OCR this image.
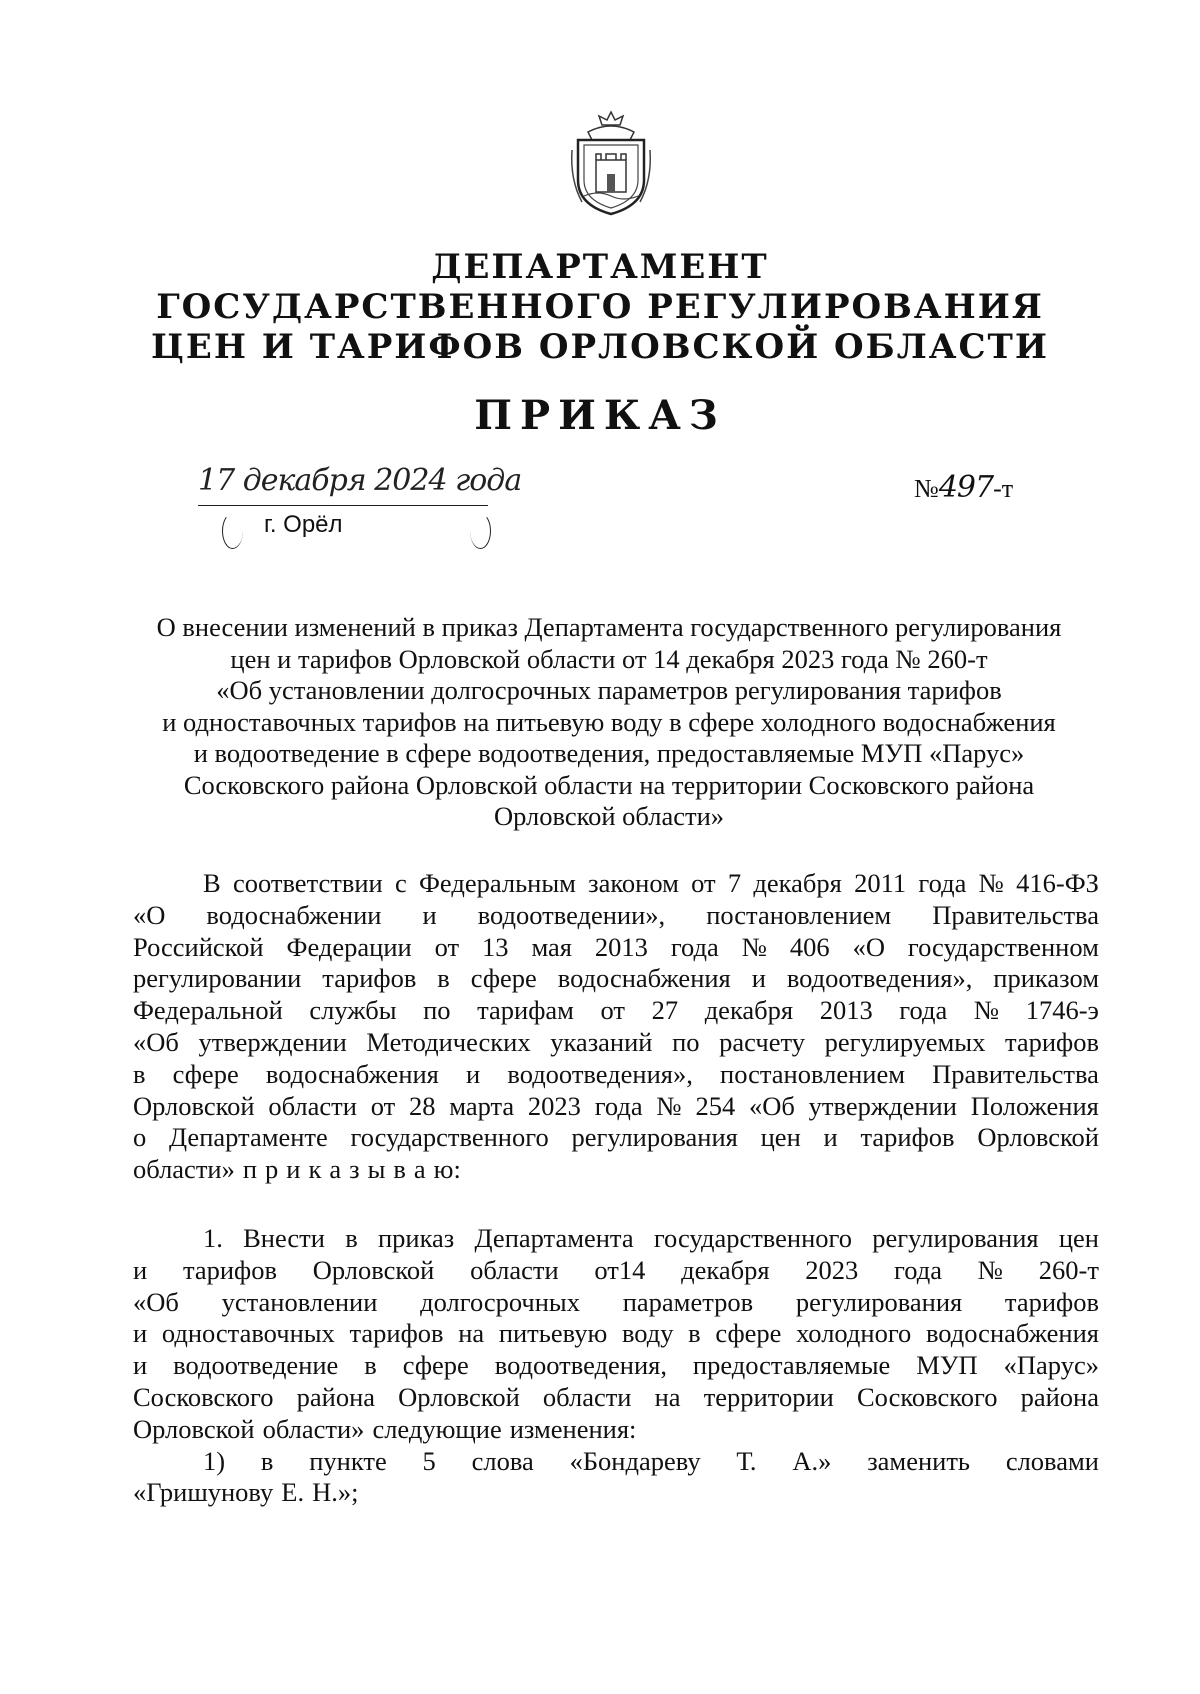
ДЕПАРТАМЕНТ
ГОСУДАРСТВЕННОГО РЕГУЛИРОВАНИЯ
ЦЕН И ТАРИФОВ ОРЛОВСКОЙ ОБЛАСТИ
ПРИКАЗ
17 декабря 2024 года
г. Орёл
№497-т
О внесении изменений в приказ Департамента государственного регулирования
цен и тарифов Орловской области от 14 декабря 2023 года № 260-т
«Об установлении долгосрочных параметров регулирования тарифов
и одноставочных тарифов на питьевую воду в сфере холодного водоснабжения
и водоотведение в сфере водоотведения, предоставляемые МУП «Парус»
Сосковского района Орловской области на территории Сосковского района
Орловской области»
В соответствии с Федеральным законом от 7 декабря 2011 года № 416-ФЗ
«О водоснабжении и водоотведении», постановлением Правительства
Российской Федерации от 13 мая 2013 года № 406 «О государственном
регулировании тарифов в сфере водоснабжения и водоотведения», приказом
Федеральной службы по тарифам от 27 декабря 2013 года № 1746-э
«Об утверждении Методических указаний по расчету регулируемых тарифов
в сфере водоснабжения и водоотведения», постановлением Правительства
Орловской области от 28 марта 2023 года № 254 «Об утверждении Положения
о Департаменте государственного регулирования цен и тарифов Орловской
области» п р и к а з ы в а ю:
1. Внести в приказ Департамента государственного регулирования цен
и тарифов Орловской области от14 декабря 2023 года № 260-т
«Об установлении долгосрочных параметров регулирования тарифов
и одноставочных тарифов на питьевую воду в сфере холодного водоснабжения
и водоотведение в сфере водоотведения, предоставляемые МУП «Парус»
Сосковского района Орловской области на территории Сосковского района
Орловской области» следующие изменения:
1) в пункте 5 слова «Бондареву Т. А.» заменить словами
«Гришунову Е. Н.»;
